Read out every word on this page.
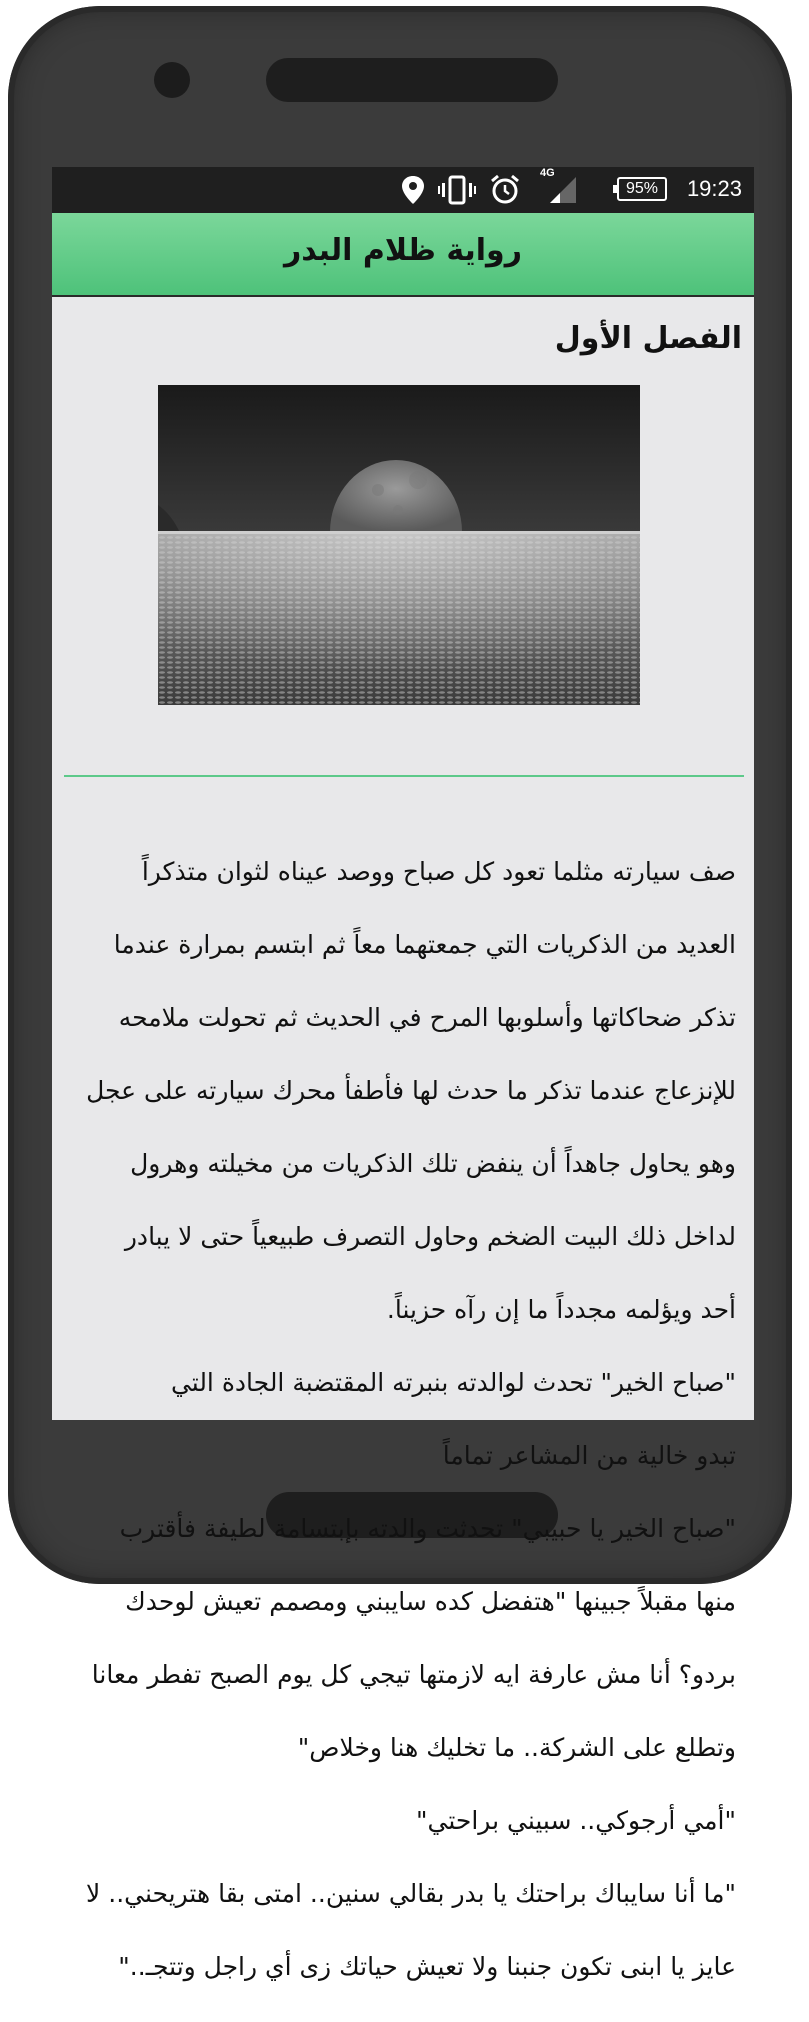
4G
95%	19:23
رواية ظلام البدر
الفصل الأول

صف سيارته مثلما تعود كل صباح ووصد عيناه لثوان متذكراً

العديد من الذكريات التي جمعتهما معاً ثم ابتسم بمرارة عندما

تذكر ضحاكاتها وأسلوبها المرح في الحديث ثم تحولت ملامحه

للإنزعاج عندما تذكر ما حدث لها فأطفأ محرك سيارته على عجل

وهو يحاول جاهداً أن ينفض تلك الذكريات من مخيلته وهرول

لداخل ذلك البيت الضخم وحاول التصرف طبيعياً حتى لا يبادر

أحد ويؤلمه مجدداً ما إن رآه حزيناً.

"صباح الخير" تحدث لوالدته بنبرته المقتضبة الجادة التي

تبدو خالية من المشاعر تماماً

"صباح الخير يا حبيبي" تحدثت والدته بإبتسامة لطيفة فأقترب

منها مقبلاً جبينها "هتفضل كده سايبني ومصمم تعيش لوحدك

بردو؟ أنا مش عارفة ايه لازمتها تيجي كل يوم الصبح تفطر معانا

وتطلع على الشركة.. ما تخليك هنا وخلاص"

"أمي أرجوكي.. سبيني براحتي"

"ما أنا سايباك براحتك يا بدر بقالي سنين.. امتى بقا هتريحني.. لا

عايز يا ابنى تكون جنبنا ولا تعيش حياتك زى أي راجل وتتجـ.."
